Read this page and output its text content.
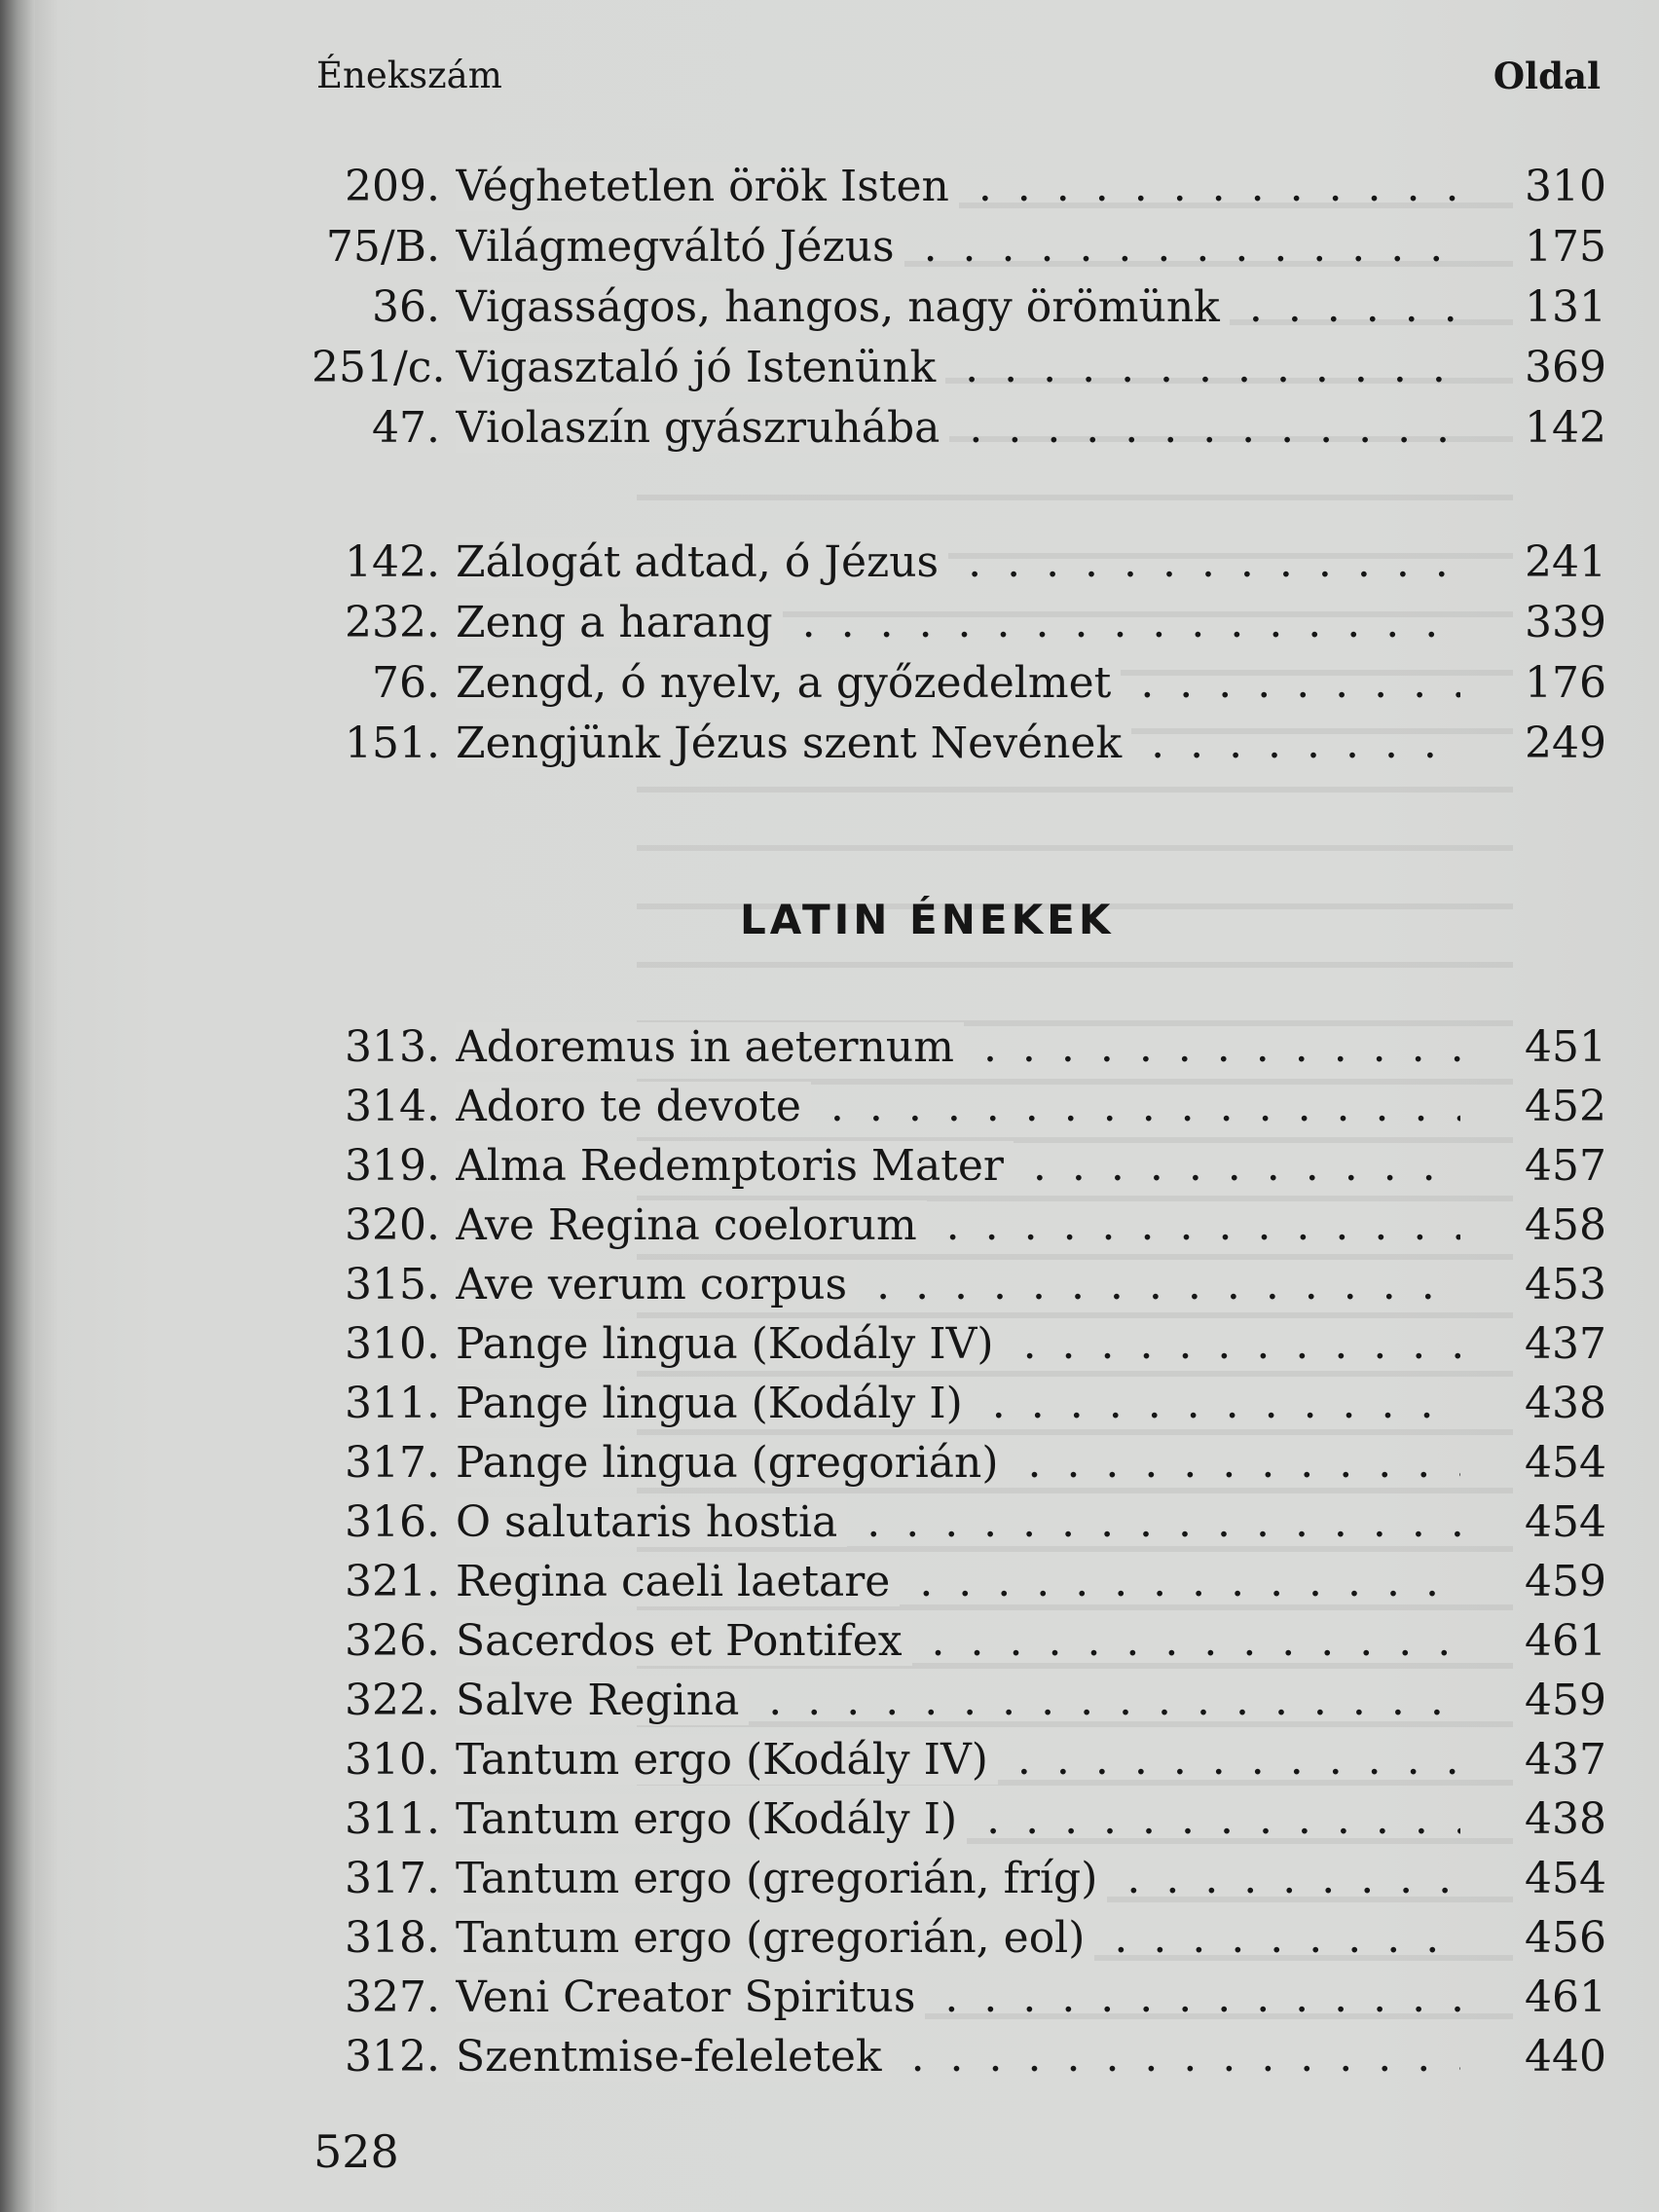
Énekszám	Oldal
209. Véghetetlen örök Isten . . .	310
75/B. Világmegváltó Jézus . . .	175
36. Vigasságos, hangos, nagy örömünk . . .	131
251/c. Vigasztaló jó Istenünk . . .	369
47. Violaszín gyászruhába . . .	142
142. Zálogát adtad, ó Jézus . . .	241
232. Zeng a harang . . .	339
76. Zengd, ó nyelv, a győzedelmet . . .	176
151. Zengjünk Jézus szent Nevének . . .	249
LATIN ÉNEKEK
313. Adoremus in aeternum . . .	451
314. Adoro te devote . . .	452
319. Alma Redemptoris Mater . . .	457
320. Ave Regina coelorum . . .	458
315. Ave verum corpus . . .	453
310. Pange lingua (Kodály IV) . . .	437
311. Pange lingua (Kodály I) . . .	438
317. Pange lingua (gregorián) . . .	454
316. O salutaris hostia . . .	454
321. Regina caeli laetare . . .	459
326. Sacerdos et Pontifex . . .	461
322. Salve Regina . . .	459
310. Tantum ergo (Kodály IV) . . .	437
311. Tantum ergo (Kodály I) . . .	438
317. Tantum ergo (gregorián, fríg) . . .	454
318. Tantum ergo (gregorián, eol) . . .	456
327. Veni Creator Spiritus . . .	461
312. Szentmise-feleletek . . .	440
528
